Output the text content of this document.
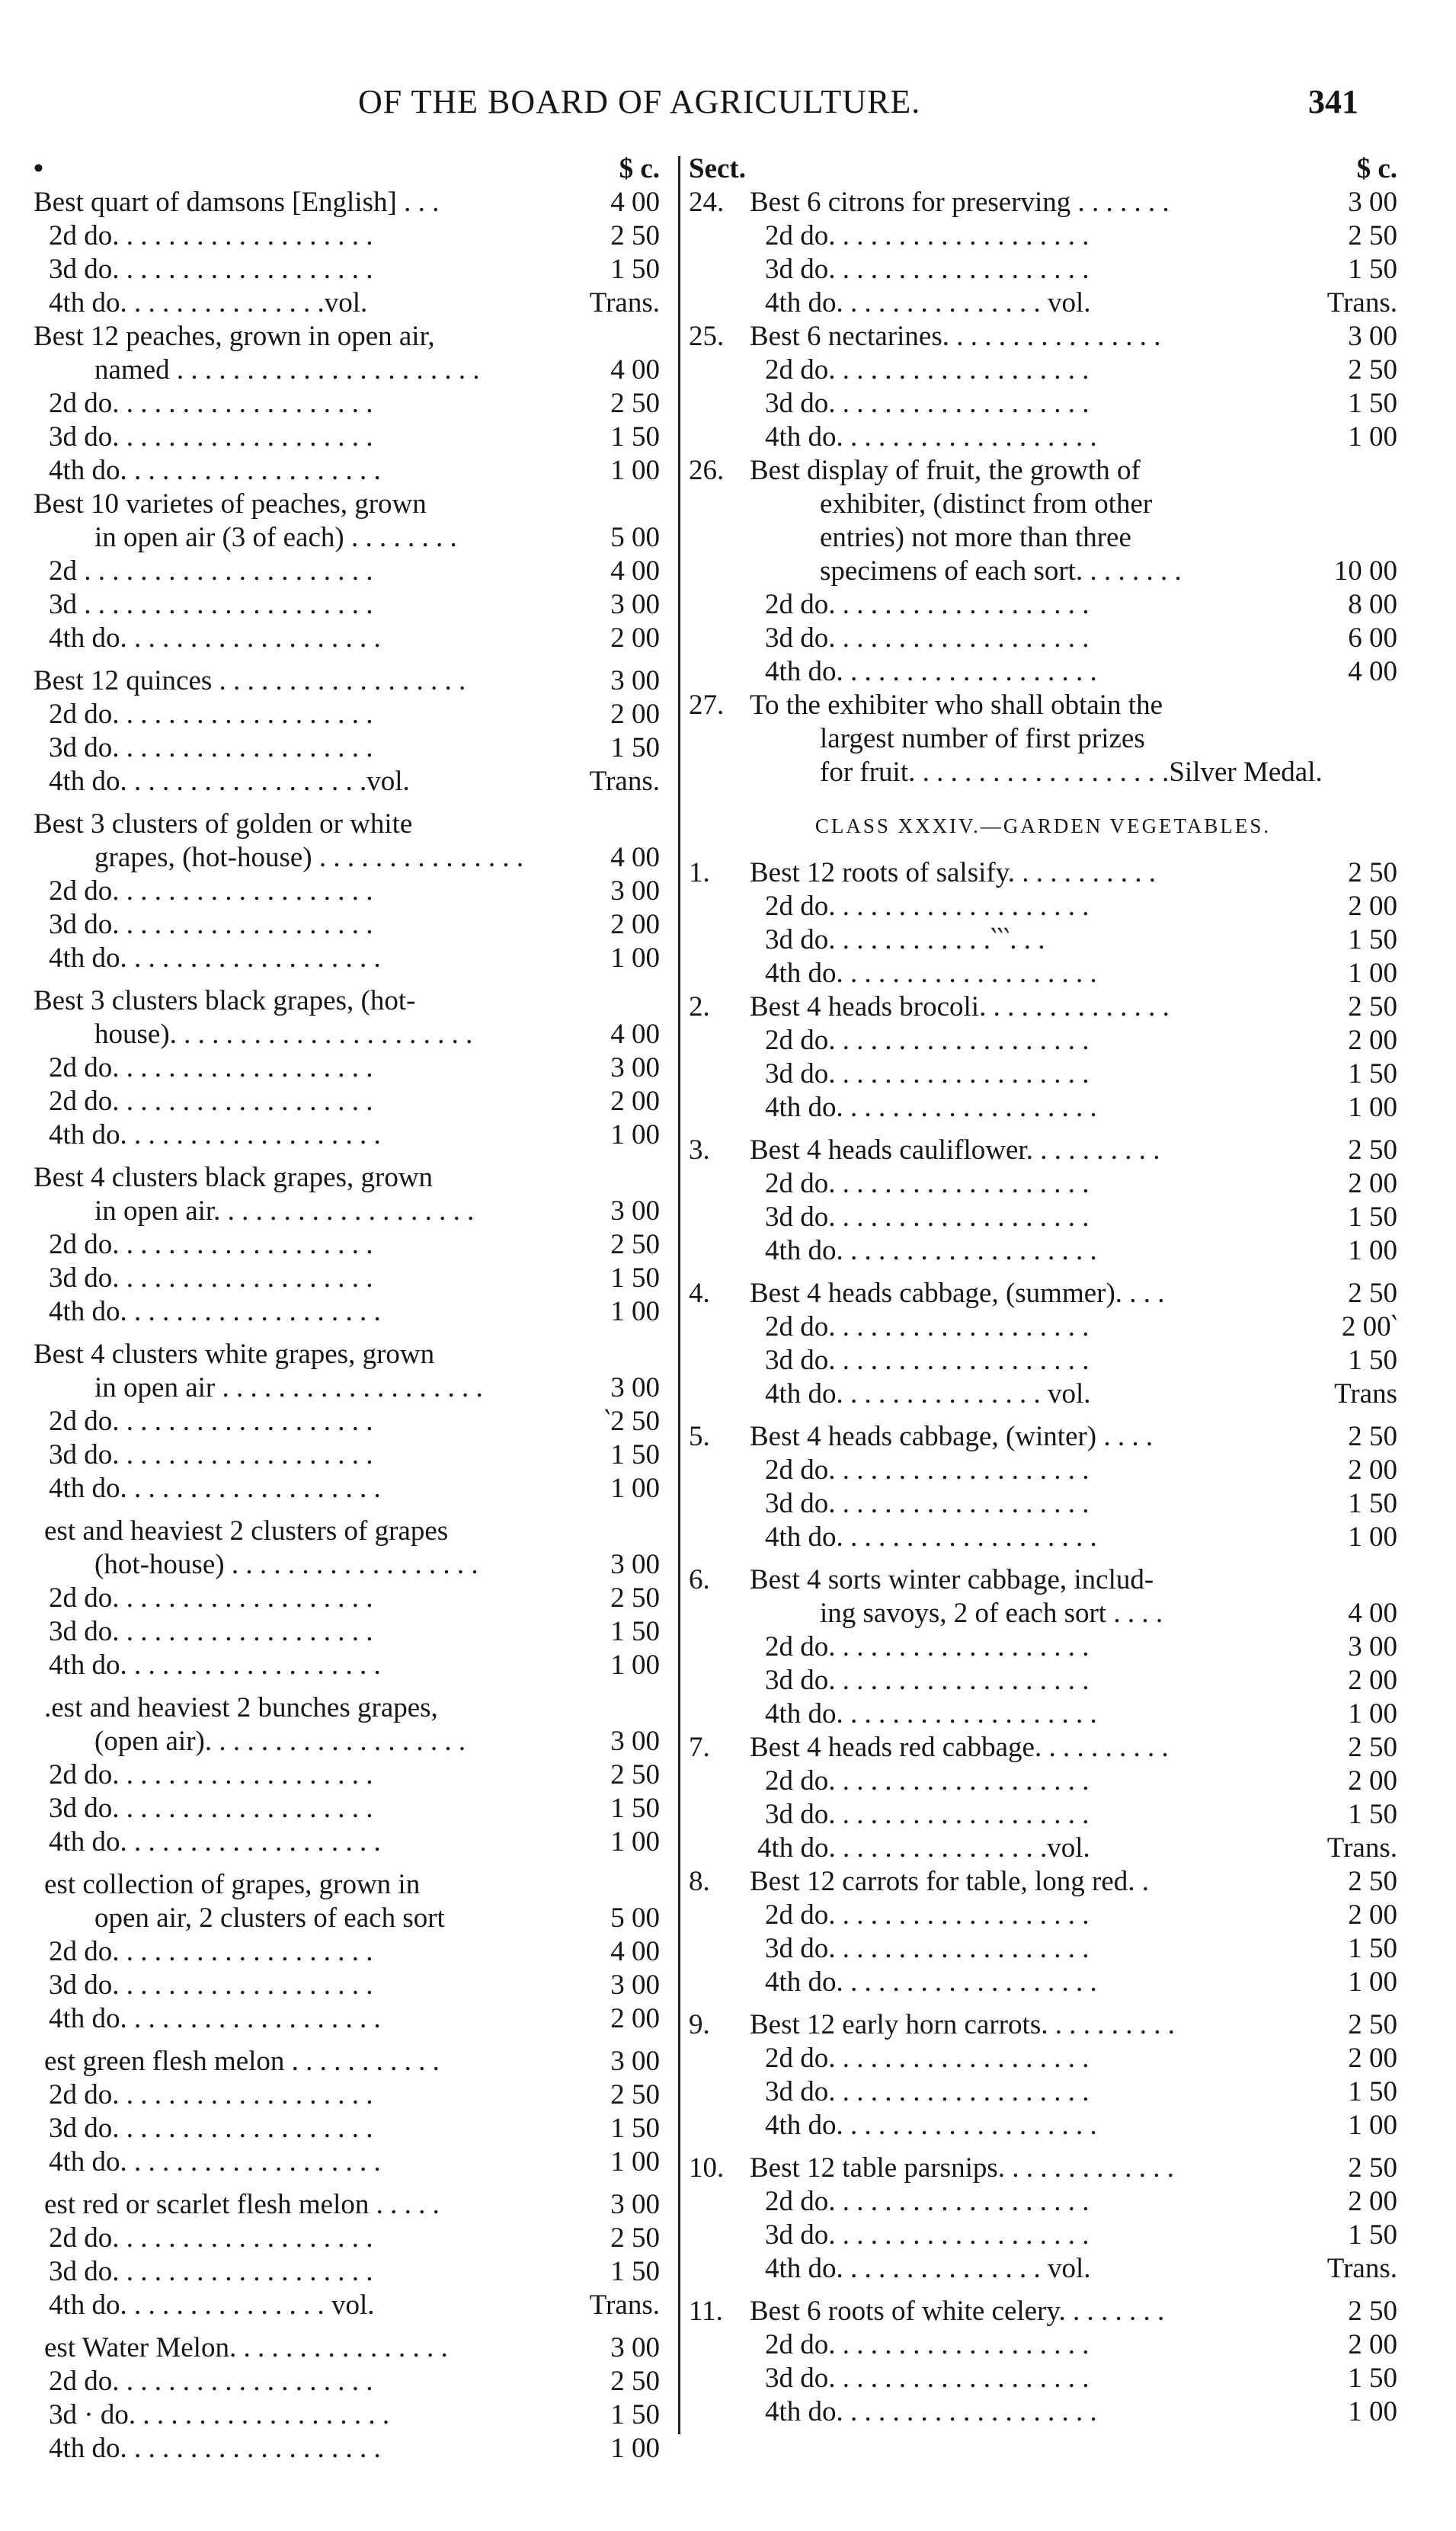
OF THE BOARD OF AGRICULTURE.	341
•	$ c.
Best quart of damsons [English] . . .	4 00
2d do. . . . . . . . . . . . . . . . . . .	2 50
3d do. . . . . . . . . . . . . . . . . . .	1 50
4th do. . . . . . . . . . . . . . .vol.	Trans.
Best 12 peaches, grown in open air,
named . . . . . . . . . . . . . . . . . . . . . .	4 00
2d do. . . . . . . . . . . . . . . . . . .	2 50
3d do. . . . . . . . . . . . . . . . . . .	1 50
4th do. . . . . . . . . . . . . . . . . . .	1 00
Best 10 varietes of peaches, grown
in open air (3 of each) . . . . . . . .	5 00
2d . . . . . . . . . . . . . . . . . . . . .	4 00
3d . . . . . . . . . . . . . . . . . . . . .	3 00
4th do. . . . . . . . . . . . . . . . . . .	2 00
Best 12 quinces . . . . . . . . . . . . . . . . . .	3 00
2d do. . . . . . . . . . . . . . . . . . .	2 00
3d do. . . . . . . . . . . . . . . . . . .	1 50
4th do. . . . . . . . . . . . . . . . . .vol.	Trans.
Best 3 clusters of golden or white
grapes, (hot-house) . . . . . . . . . . . . . . .	4 00
2d do. . . . . . . . . . . . . . . . . . .	3 00
3d do. . . . . . . . . . . . . . . . . . .	2 00
4th do. . . . . . . . . . . . . . . . . . .	1 00
Best 3 clusters black grapes, (hot-
house). . . . . . . . . . . . . . . . . . . . . .	4 00
2d do. . . . . . . . . . . . . . . . . . .	3 00
2d do. . . . . . . . . . . . . . . . . . .	2 00
4th do. . . . . . . . . . . . . . . . . . .	1 00
Best 4 clusters black grapes, grown
in open air. . . . . . . . . . . . . . . . . . .	3 00
2d do. . . . . . . . . . . . . . . . . . .	2 50
3d do. . . . . . . . . . . . . . . . . . .	1 50
4th do. . . . . . . . . . . . . . . . . . .	1 00
Best 4 clusters white grapes, grown
in open air . . . . . . . . . . . . . . . . . . .	3 00
2d do. . . . . . . . . . . . . . . . . . .	‵2 50
3d do. . . . . . . . . . . . . . . . . . .	1 50
4th do. . . . . . . . . . . . . . . . . . .	1 00
est and heaviest 2 clusters of grapes
(hot-house) . . . . . . . . . . . . . . . . . .	3 00
2d do. . . . . . . . . . . . . . . . . . .	2 50
3d do. . . . . . . . . . . . . . . . . . .	1 50
4th do. . . . . . . . . . . . . . . . . . .	1 00
.est and heaviest 2 bunches grapes,
(open air). . . . . . . . . . . . . . . . . . .	3 00
2d do. . . . . . . . . . . . . . . . . . .	2 50
3d do. . . . . . . . . . . . . . . . . . .	1 50
4th do. . . . . . . . . . . . . . . . . . .	1 00
est collection of grapes, grown in
open air, 2 clusters of each sort	5 00
2d do. . . . . . . . . . . . . . . . . . .	4 00
3d do. . . . . . . . . . . . . . . . . . .	3 00
4th do. . . . . . . . . . . . . . . . . . .	2 00
est green flesh melon . . . . . . . . . . .	3 00
2d do. . . . . . . . . . . . . . . . . . .	2 50
3d do. . . . . . . . . . . . . . . . . . .	1 50
4th do. . . . . . . . . . . . . . . . . . .	1 00
est red or scarlet flesh melon . . . . .	3 00
2d do. . . . . . . . . . . . . . . . . . .	2 50
3d do. . . . . . . . . . . . . . . . . . .	1 50
4th do. . . . . . . . . . . . . . . vol.	Trans.
est Water Melon. . . . . . . . . . . . . . . .	3 00
2d do. . . . . . . . . . . . . . . . . . .	2 50
3d · do. . . . . . . . . . . . . . . . . . .	1 50
4th do. . . . . . . . . . . . . . . . . . .	1 00
Sect.	$ c.
24. Best 6 citrons for preserving . . . . . . .	3 00
2d do. . . . . . . . . . . . . . . . . . .	2 50
3d do. . . . . . . . . . . . . . . . . . .	1 50
4th do. . . . . . . . . . . . . . . vol.	Trans.
25. Best 6 nectarines. . . . . . . . . . . . . . . .	3 00
2d do. . . . . . . . . . . . . . . . . . .	2 50
3d do. . . . . . . . . . . . . . . . . . .	1 50
4th do. . . . . . . . . . . . . . . . . . .	1 00
26. Best display of fruit, the growth of
exhibiter, (distinct from other
entries) not more than three
specimens of each sort. . . . . . . .	10 00
2d do. . . . . . . . . . . . . . . . . . .	8 00
3d do. . . . . . . . . . . . . . . . . . .	6 00
4th do. . . . . . . . . . . . . . . . . . .	4 00
27. To the exhibiter who shall obtain the
largest number of first prizes
for fruit. . . . . . . . . . . . . . . . . . .Silver Medal.
CLASS XXXIV.—GARDEN VEGETABLES.
1. Best 12 roots of salsify. . . . . . . . . . .	2 50
2d do. . . . . . . . . . . . . . . . . . .	2 00
3d do. . . . . . . . . . . .‵‵‵. . .	1 50
4th do. . . . . . . . . . . . . . . . . . .	1 00
2. Best 4 heads brocoli. . . . . . . . . . . . . .	2 50
2d do. . . . . . . . . . . . . . . . . . .	2 00
3d do. . . . . . . . . . . . . . . . . . .	1 50
4th do. . . . . . . . . . . . . . . . . . .	1 00
3. Best 4 heads cauliflower. . . . . . . . . .	2 50
2d do. . . . . . . . . . . . . . . . . . .	2 00
3d do. . . . . . . . . . . . . . . . . . .	1 50
4th do. . . . . . . . . . . . . . . . . . .	1 00
4. Best 4 heads cabbage, (summer). . . .	2 50
2d do. . . . . . . . . . . . . . . . . . .	2 00‵
3d do. . . . . . . . . . . . . . . . . . .	1 50
4th do. . . . . . . . . . . . . . . vol.	Trans
5. Best 4 heads cabbage, (winter) . . . .	2 50
2d do. . . . . . . . . . . . . . . . . . .	2 00
3d do. . . . . . . . . . . . . . . . . . .	1 50
4th do. . . . . . . . . . . . . . . . . . .	1 00
6. Best 4 sorts winter cabbage, includ-
ing savoys, 2 of each sort . . . .	4 00
2d do. . . . . . . . . . . . . . . . . . .	3 00
3d do. . . . . . . . . . . . . . . . . . .	2 00
4th do. . . . . . . . . . . . . . . . . . .	1 00
7. Best 4 heads red cabbage. . . . . . . . . .	2 50
2d do. . . . . . . . . . . . . . . . . . .	2 00
3d do. . . . . . . . . . . . . . . . . . .	1 50
4th do. . . . . . . . . . . . . . . .vol.	Trans.
8. Best 12 carrots for table, long red. .	2 50
2d do. . . . . . . . . . . . . . . . . . .	2 00
3d do. . . . . . . . . . . . . . . . . . .	1 50
4th do. . . . . . . . . . . . . . . . . . .	1 00
9. Best 12 early horn carrots. . . . . . . . . .	2 50
2d do. . . . . . . . . . . . . . . . . . .	2 00
3d do. . . . . . . . . . . . . . . . . . .	1 50
4th do. . . . . . . . . . . . . . . . . . .	1 00
10. Best 12 table parsnips. . . . . . . . . . . . .	2 50
2d do. . . . . . . . . . . . . . . . . . .	2 00
3d do. . . . . . . . . . . . . . . . . . .	1 50
4th do. . . . . . . . . . . . . . . vol.	Trans.
11. Best 6 roots of white celery. . . . . . . .	2 50
2d do. . . . . . . . . . . . . . . . . . .	2 00
3d do. . . . . . . . . . . . . . . . . . .	1 50
4th do. . . . . . . . . . . . . . . . . . .	1 00
